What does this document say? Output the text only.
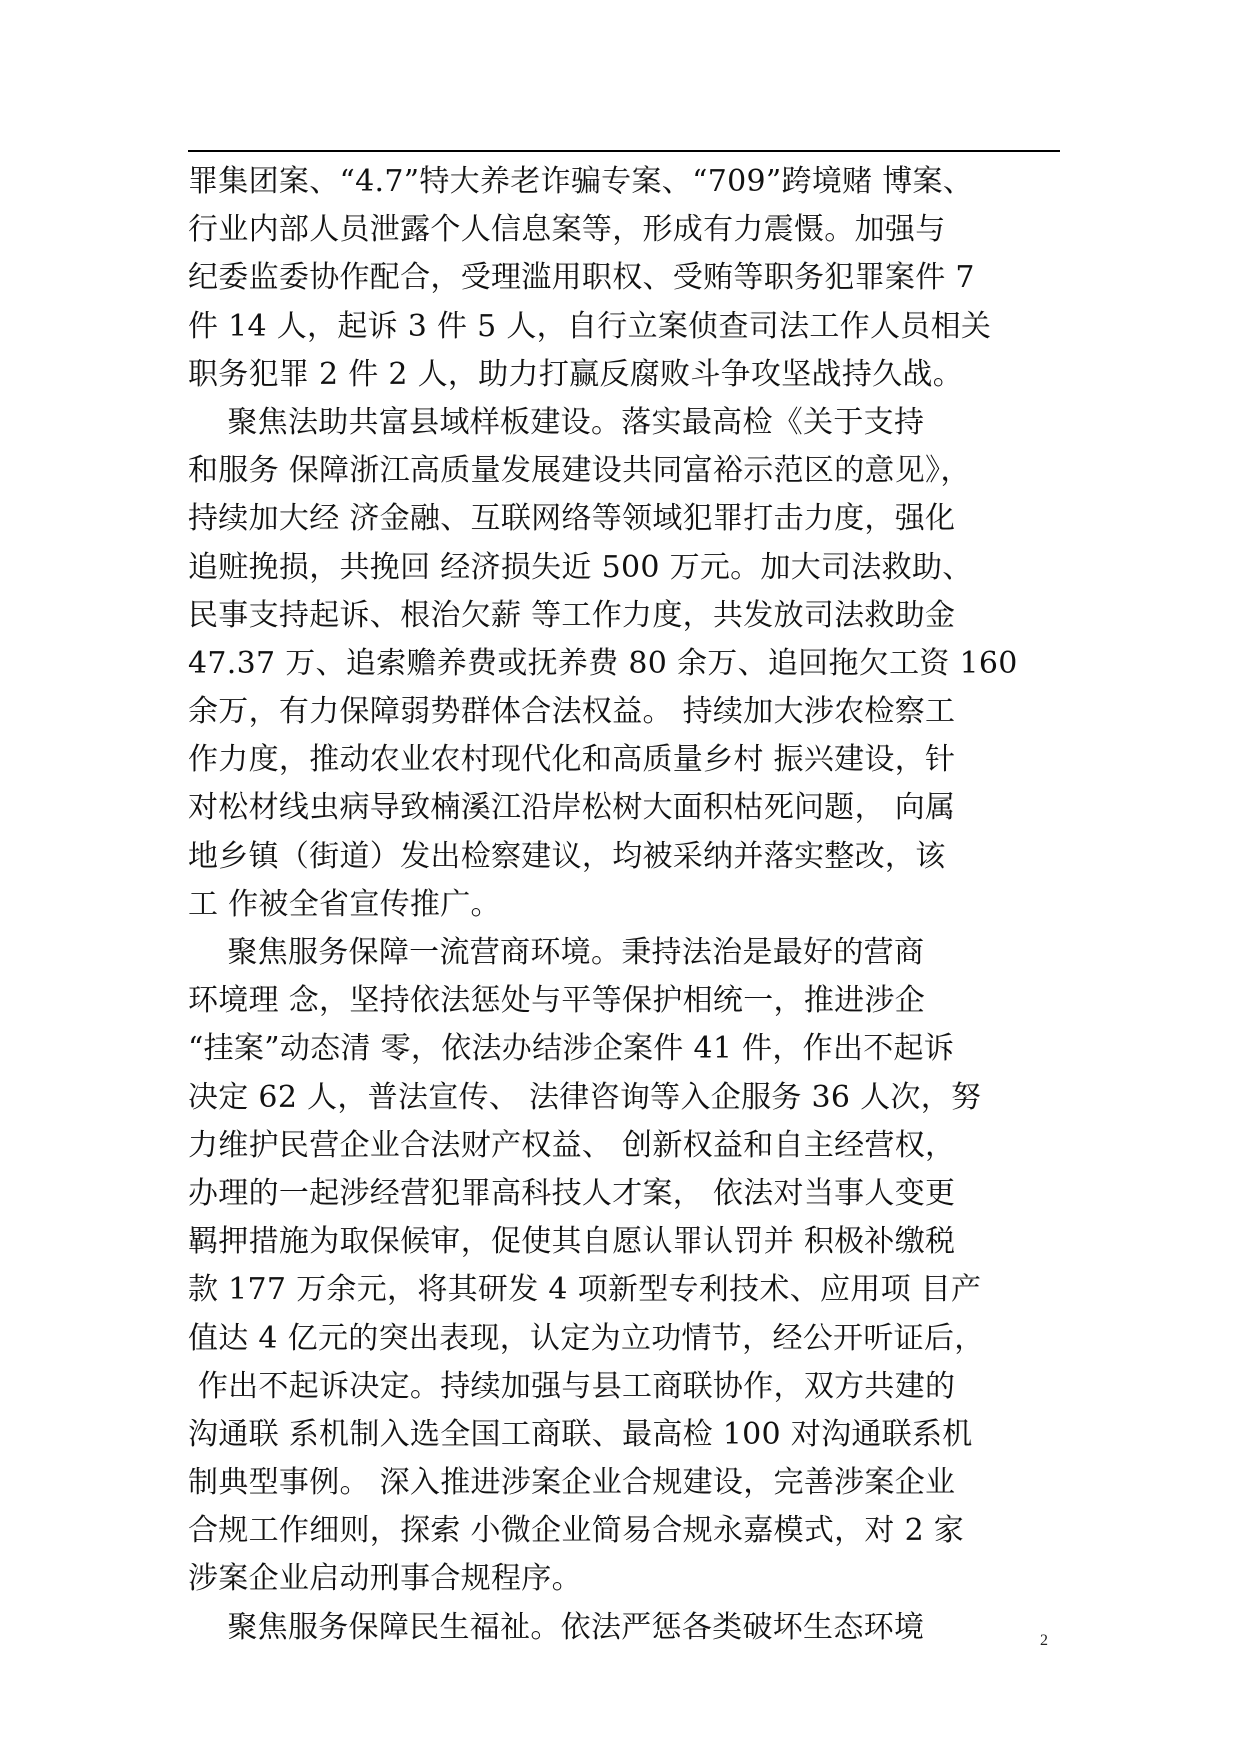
罪集团案、“4.7”特大养老诈骗专案、“709”跨境赌 博案、
行业内部人员泄露个人信息案等，形成有力震慑。加强与
纪委监委协作配合，受理滥用职权、受贿等职务犯罪案件 7
件 14 人，起诉 3 件 5 人，自行立案侦查司法工作人员相关
职务犯罪 2 件 2 人，助力打赢反腐败斗争攻坚战持久战。
聚焦法助共富县域样板建设。落实最高检《关于支持
和服务 保障浙江高质量发展建设共同富裕示范区的意见》，
持续加大经 济金融、互联网络等领域犯罪打击力度，强化
追赃挽损，共挽回 经济损失近 500 万元。加大司法救助、
民事支持起诉、根治欠薪 等工作力度，共发放司法救助金
47.37 万、追索赡养费或抚养费 80 余万、追回拖欠工资 160
余万，有力保障弱势群体合法权益。 持续加大涉农检察工
作力度，推动农业农村现代化和高质量乡村 振兴建设，针
对松材线虫病导致楠溪江沿岸松树大面积枯死问题， 向属
地乡镇（街道）发出检察建议，均被采纳并落实整改，该
工 作被全省宣传推广。
聚焦服务保障一流营商环境。秉持法治是最好的营商
环境理 念，坚持依法惩处与平等保护相统一，推进涉企
“挂案”动态清 零，依法办结涉企案件 41 件，作出不起诉
决定 62 人，普法宣传、 法律咨询等入企服务 36 人次，努
力维护民营企业合法财产权益、 创新权益和自主经营权，
办理的一起涉经营犯罪高科技人才案， 依法对当事人变更
羁押措施为取保候审，促使其自愿认罪认罚并 积极补缴税
款 177 万余元，将其研发 4 项新型专利技术、应用项 目产
值达 4 亿元的突出表现，认定为立功情节，经公开听证后，
作出不起诉决定。持续加强与县工商联协作，双方共建的
沟通联 系机制入选全国工商联、最高检 100 对沟通联系机
制典型事例。 深入推进涉案企业合规建设，完善涉案企业
合规工作细则，探索 小微企业简易合规永嘉模式，对 2 家
涉案企业启动刑事合规程序。
聚焦服务保障民生福祉。依法严惩各类破坏生态环境	2
